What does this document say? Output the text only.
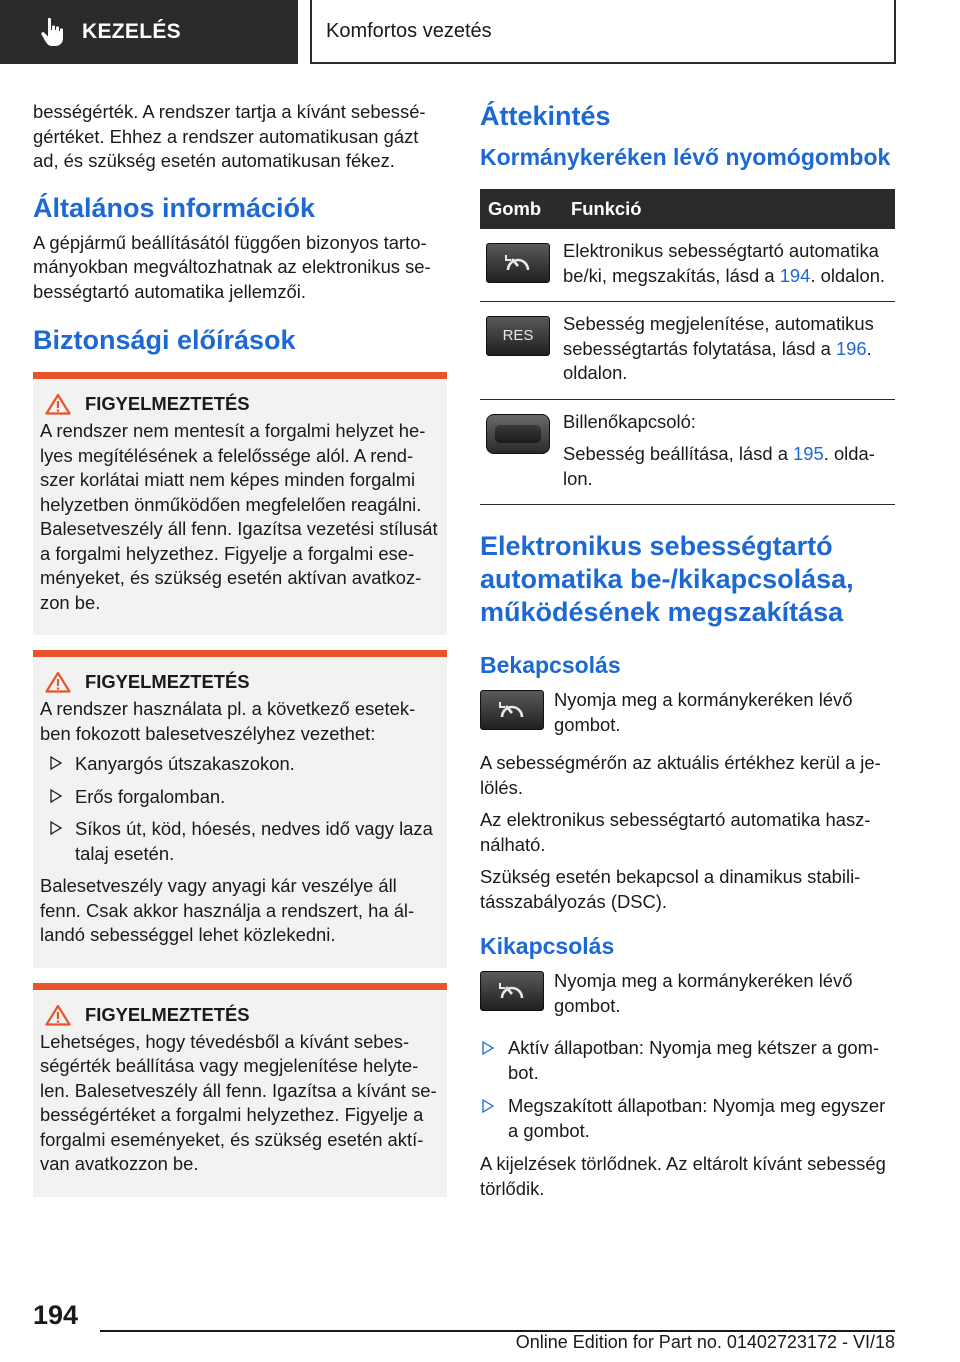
KEZELÉS	Komfortos vezetés

bességérték. A rendszer tartja a kívánt sebességértéket. Ehhez a rendszer automatikusan gázt ad, és szükség esetén automatikusan fékez.

Általános információk

A gépjármű beállításától függően bizonyos tartományokban megváltozhatnak az elektronikus sebességtartó automatika jellemzői.

Biztonsági előírások
FIGYELMEZTETÉS

A rendszer nem mentesít a forgalmi helyzet helyes megítélésének a felelőssége alól. A rendszer korlátai miatt nem képes minden forgalmi helyzetben önműködően megfelelően reagálni. Balesetveszély áll fenn. Igazítsa vezetési stílusát a forgalmi helyzethez. Figyelje a forgalmi eseményeket, és szükség esetén aktívan avatkozzon be.

FIGYELMEZTETÉS

A rendszer használata pl. a következő esetekben fokozott balesetveszélyhez vezethet:

Kanyargós útszakaszokon.
Erős forgalomban.
Síkos út, köd, hóesés, nedves idő vagy laza talaj esetén.

Balesetveszély vagy anyagi kár veszélye áll fenn. Csak akkor használja a rendszert, ha állandó sebességgel lehet közlekedni.

FIGYELMEZTETÉS

Lehetséges, hogy tévedésből a kívánt sebességérték beállítása vagy megjelenítése helytelen. Balesetveszély áll fenn. Igazítsa a kívánt sebességértéket a forgalmi helyzethez. Figyelje a forgalmi eseményeket, és szükség esetén aktívan avatkozzon be.

Áttekintés
Kormánykeréken lévő nyomógombok
Gomb	Funkció

	Elektronikus sebességtartó automatika be/ki, megszakítás, lásd a 194. oldalon.

RES	Sebesség megjelenítése, automatikus sebességtartás folytatása, lásd a 196. oldalon.

	Billenőkapcsoló:
Sebesség beállítása, lásd a 195. oldalon.
Elektronikus sebességtartó automatika be-/kikapcsolása, működésének megszakítása
Bekapcsolás

Nyomja meg a kormánykeréken lévő gombot.

A sebességmérőn az aktuális értékhez kerül a jelölés.

Az elektronikus sebességtartó automatika használható.

Szükség esetén bekapcsol a dinamikus stabilitásszabályozás (DSC).

Kikapcsolás

Nyomja meg a kormánykeréken lévő gombot.

Aktív állapotban: Nyomja meg kétszer a gombot.
Megszakított állapotban: Nyomja meg egyszer a gombot.

A kijelzések törlődnek. Az eltárolt kívánt sebesség törlődik.

194
Online Edition for Part no. 01402723172 - VI/18
